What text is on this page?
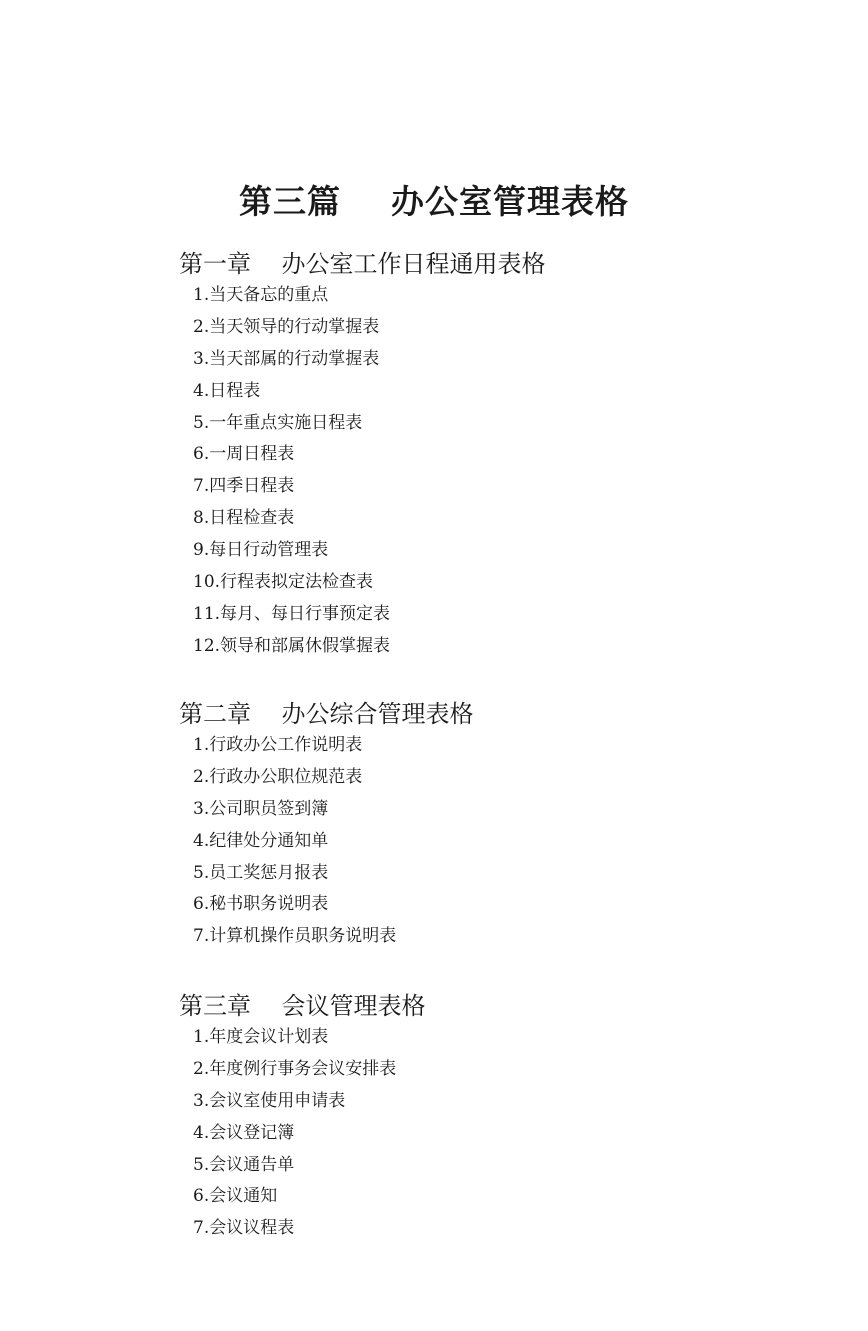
第三篇    办公室管理表格
第一章    办公室工作日程通用表格
1.当天备忘的重点
2.当天领导的行动掌握表
3.当天部属的行动掌握表
4.日程表
5.一年重点实施日程表
6.一周日程表
7.四季日程表
8.日程检查表
9.每日行动管理表
10.行程表拟定法检查表
11.每月、每日行事预定表
12.领导和部属休假掌握表
第二章    办公综合管理表格
1.行政办公工作说明表
2.行政办公职位规范表
3.公司职员签到簿
4.纪律处分通知单
5.员工奖惩月报表
6.秘书职务说明表
7.计算机操作员职务说明表
第三章    会议管理表格
1.年度会议计划表
2.年度例行事务会议安排表
3.会议室使用申请表
4.会议登记簿
5.会议通告单
6.会议通知
7.会议议程表
